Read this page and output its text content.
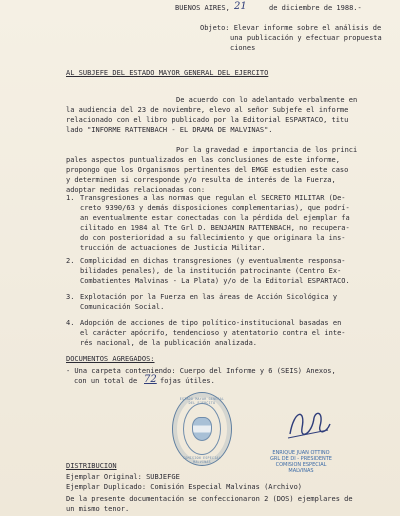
BUENOS AIRES, 21	de diciembre de 1988.-
Objeto: Elevar informe sobre el análisis de
una publicación y efectuar propuesta
ciones
AL SUBJEFE DEL ESTADO MAYOR GENERAL DEL EJERCITO
De acuerdo con lo adelantado verbalmente en
la audiencia del 23 de noviembre, elevo al señor Subjefe el informe
relacionado con el libro publicado por la Editorial ESPARTACO, titu
lado "INFORME RATTENBACH - EL DRAMA DE MALVINAS".
Por la gravedad e importancia de los princi
pales aspectos puntualizados en las conclusiones de este informe,
propongo que los Organismos pertinentes del EMGE estudien este caso
y determinen si corresponde y/o resulta de interés de la Fuerza,
adoptar medidas relacionadas con:
1. Transgresiones a las normas que regulan el SECRETO MILITAR (De-
creto 9390/63 y demás disposiciones complementarias), que podrí-
an eventualmente estar conectadas con la pérdida del ejemplar fa
cilitado en 1984 al Tte Grl D. BENJAMIN RATTENBACH, no recupera-
do con posterioridad a su fallecimiento y que originara la ins-
trucción de actuaciones de Justicia Militar.
2. Complicidad en dichas transgresiones (y eventualmente responsa-
bilidades penales), de la institución patrocinante (Centro Ex-
Combatientes Malvinas - La Plata) y/o de la Editorial ESPARTACO.
3. Explotación por la Fuerza en las áreas de Acción Sicológica y
Comunicación Social.
4. Adopción de acciones de tipo político-institucional basadas en
el carácter apócrifo, tendencioso y atentatorio contra el inte-
rés nacional, de la publicación analizada.
DOCUMENTOS AGREGADOS:
- Una carpeta conteniendo: Cuerpo del Informe y 6 (SEIS) Anexos,
con un total de 72 fojas útiles.
ESTADO MAYOR GENERAL DEL EJERCITO
COMISION ESPECIAL MALVINAS
ENRIQUE JUAN OTTINO
GRL DE DI - PRESIDENTE
COMISION ESPECIAL MALVINAS
DISTRIBUCION
Ejemplar Original: SUBJEFGE
Ejemplar Duplicado: Comisión Especial Malvinas (Archivo)
De la presente documentación se confeccionaron 2 (DOS) ejemplares de
un mismo tenor.
